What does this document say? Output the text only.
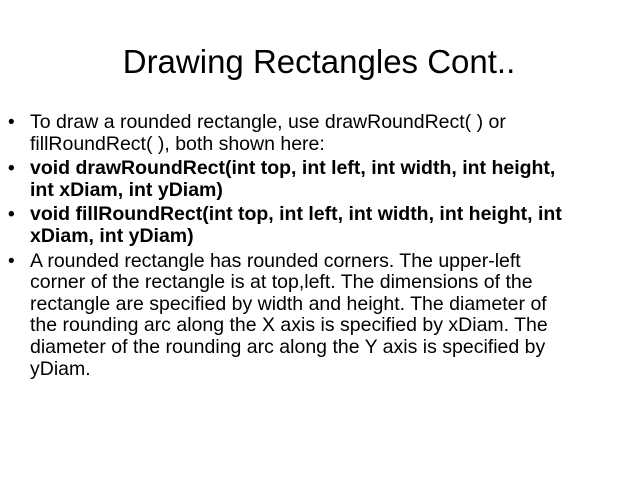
Drawing Rectangles Cont..
• To draw a rounded rectangle, use drawRoundRect( ) or
fillRoundRect( ), both shown here:
• void drawRoundRect(int top, int left, int width, int height,
int xDiam, int yDiam)
• void fillRoundRect(int top, int left, int width, int height, int
xDiam, int yDiam)
• A rounded rectangle has rounded corners. The upper-left
corner of the rectangle is at top,left. The dimensions of the
rectangle are specified by width and height. The diameter of
the rounding arc along the X axis is specified by xDiam. The
diameter of the rounding arc along the Y axis is specified by
yDiam.
